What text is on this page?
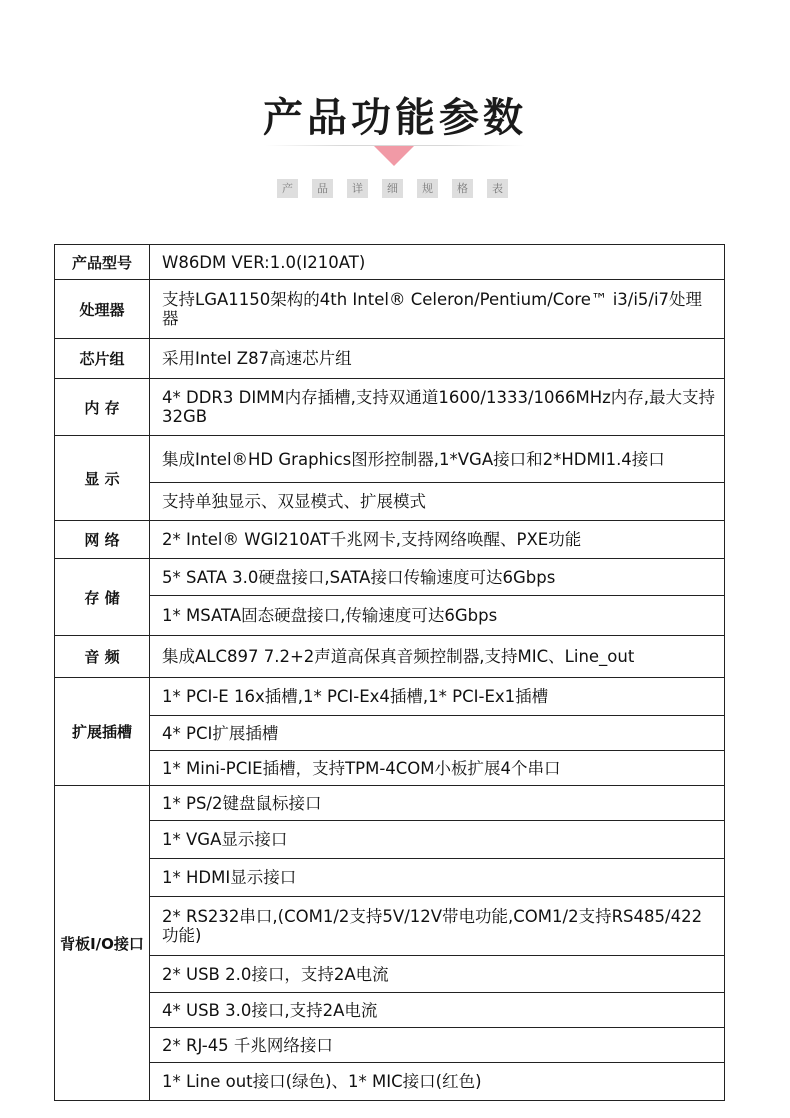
产品功能参数
产	品	详	细	规	格	表
产品型号	W86DM VER:1.0(I210AT)
处理器	支持LGA1150架构的4th Intel® Celeron/Pentium/Core™ i3/i5/i7处理器
芯片组	采用Intel Z87高速芯片组
内 存	4* DDR3 DIMM内存插槽,支持双通道1600/1333/1066MHz内存,最大支持32GB
显 示	集成Intel®HD Graphics图形控制器,1*VGA接口和2*HDMI1.4接口
	支持单独显示、双显模式、扩展模式
网 络	2* Intel® WGI210AT千兆网卡,支持网络唤醒、PXE功能
存 储	5* SATA 3.0硬盘接口,SATA接口传输速度可达6Gbps
	1* MSATA固态硬盘接口,传输速度可达6Gbps
音 频	集成ALC897 7.2+2声道高保真音频控制器,支持MIC、Line_out
扩展插槽	1* PCI-E 16x插槽,1* PCI-Ex4插槽,1* PCI-Ex1插槽
	4* PCI扩展插槽
	1* Mini-PCIE插槽，支持TPM-4COM小板扩展4个串口
背板I/O接口	1* PS/2键盘鼠标接口
	1* VGA显示接口
	1* HDMI显示接口
	2* RS232串口,(COM1/2支持5V/12V带电功能,COM1/2支持RS485/422功能)
	2* USB 2.0接口，支持2A电流
	4* USB 3.0接口,支持2A电流
	2* RJ-45 千兆网络接口
	1* Line out接口(绿色)、1* MIC接口(红色)
